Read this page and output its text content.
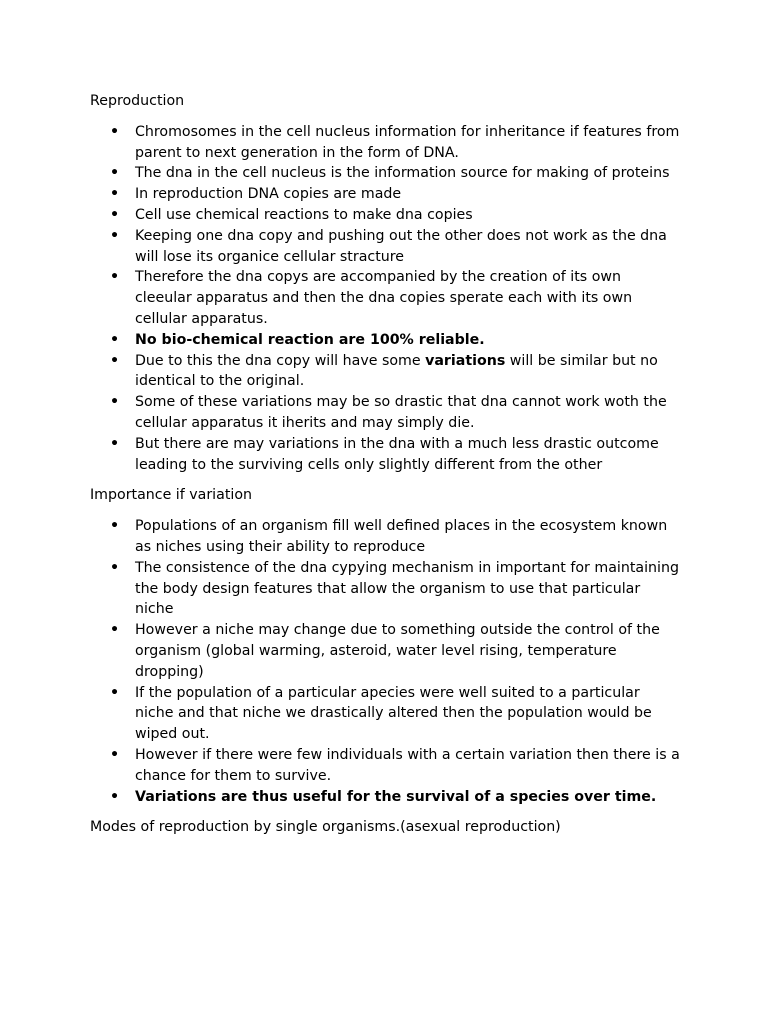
Reproduction

• Chromosomes in the cell nucleus information for inheritance if features from parent to next generation in the form of DNA.
• The dna in the cell nucleus is the information source for making of proteins
• In reproduction DNA copies are made
• Cell use chemical reactions to make dna copies
• Keeping one dna copy and pushing out the other does not work as the dna will lose its organice cellular stracture
• Therefore the dna copys are accompanied by the creation of its own cleeular apparatus and then the dna copies sperate each with its own cellular apparatus.
• No bio-chemical reaction are 100% reliable.
• Due to this the dna copy will have some variations will be similar but no identical to the original.
• Some of these variations may be so drastic that dna cannot work woth the cellular apparatus it iherits and may simply die.
• But there are may variations in the dna with a much less drastic outcome leading to the surviving cells only slightly different from the other

Importance if variation

• Populations of an organism fill well defined places in the ecosystem known as niches using their ability to reproduce
• The consistence of the dna cypying mechanism in important for maintaining the body design features that allow the organism to use that particular niche
• However a niche may change due to something outside the control of the organism (global warming, asteroid, water level rising, temperature dropping)
• If the population of a particular apecies were well suited to a particular niche and that niche we drastically altered then the population would be wiped out.
• However if there were few individuals with a certain variation then there is a chance for them to survive.
• Variations are thus useful for the survival of a species over time.

Modes of reproduction by single organisms.(asexual reproduction)
